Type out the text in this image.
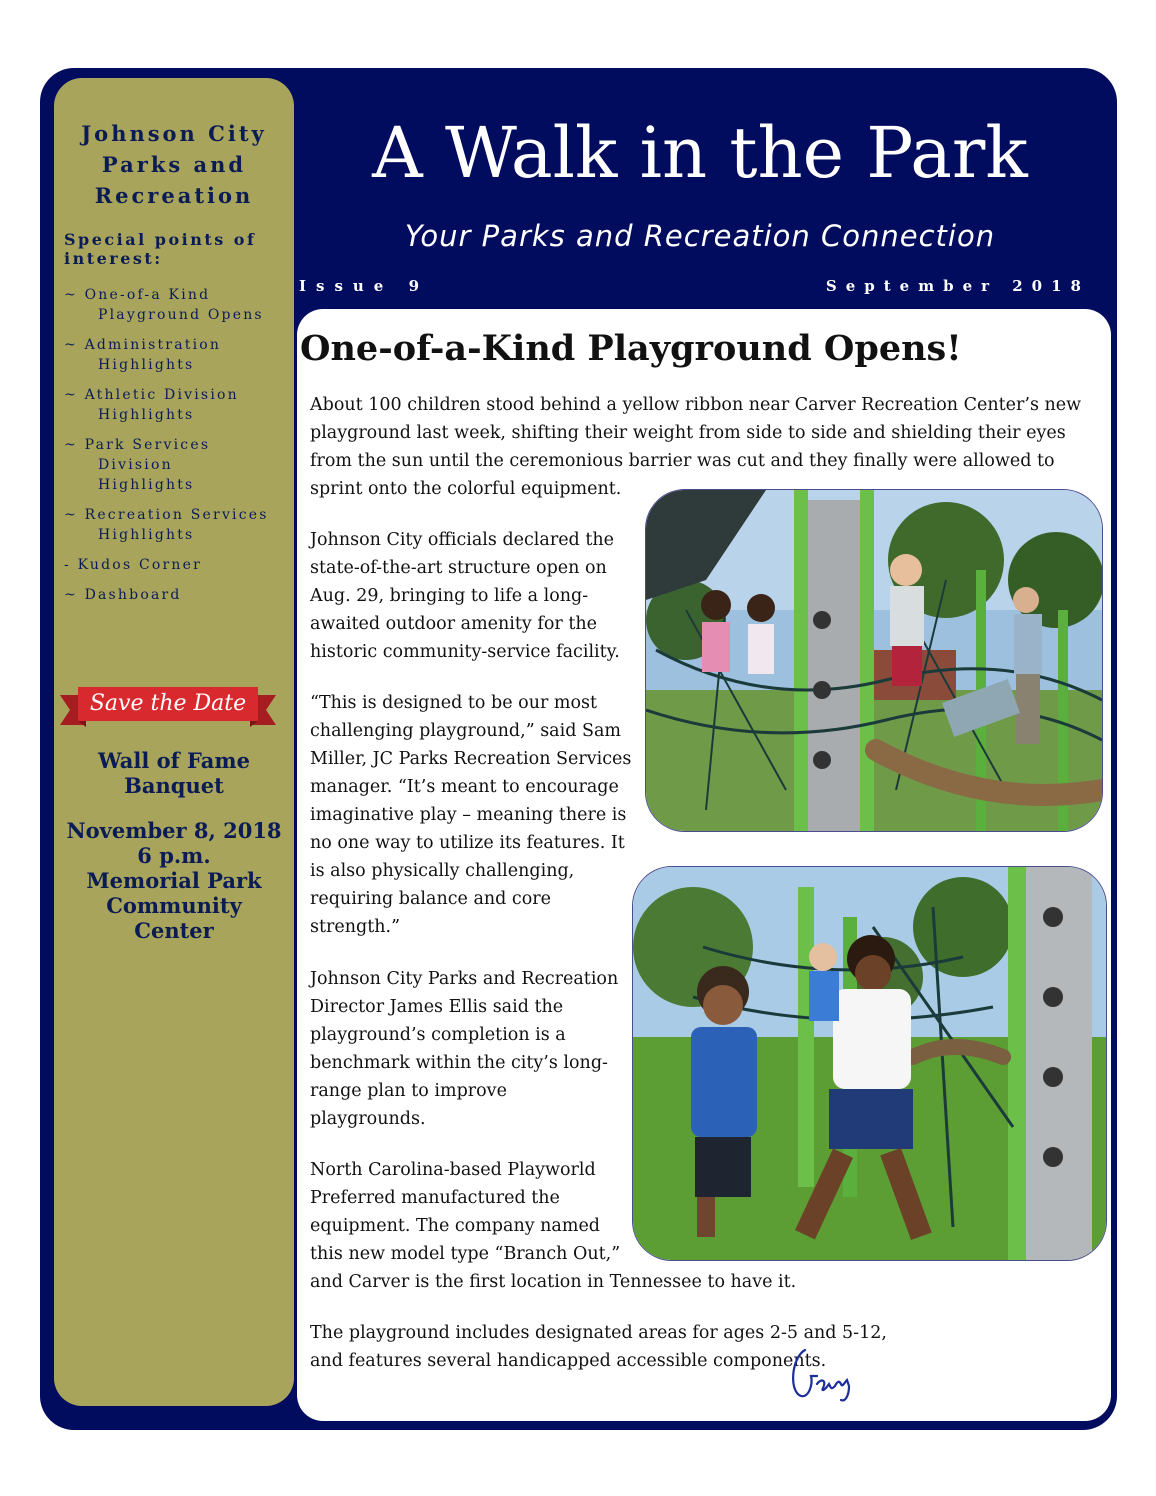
Johnson City
Parks and
Recreation
Special points of interest:
~ One-of-a Kind
Playground Opens
~ Administration
Highlights
~ Athletic Division
Highlights
~ Park Services
Division
Highlights
~ Recreation Services
Highlights
- Kudos Corner
~ Dashboard
Save the Date
Wall of Fame
Banquet
November 8, 2018
6 p.m.
Memorial Park
Community
Center
A Walk in the Park
Your Parks and Recreation Connection
Issue 9	September 2018
One-of-a-Kind Playground Opens!

About 100 children stood behind a yellow ribbon near Carver Recreation Center’s new playground last week, shifting their weight from side to side and shielding their eyes from the sun until the ceremonious barrier was cut and they finally were allowed to sprint onto the colorful equipment.

Johnson City officials declared the state-of-the-art structure open on Aug. 29, bringing to life a long-awaited outdoor amenity for the historic community-service facility.

“This is designed to be our most challenging playground,” said Sam Miller, JC Parks Recreation Services manager. “It’s meant to encourage imaginative play – meaning there is no one way to utilize its features. It is also physically challenging, requiring balance and core strength.”

Johnson City Parks and Recreation Director James Ellis said the playground’s completion is a benchmark within the city’s long-range plan to improve playgrounds.

North Carolina-based Playworld Preferred manufactured the equipment. The company named this new model type “Branch Out,”

and Carver is the first location in Tennessee to have it.

The playground includes designated areas for ages 2-5 and 5-12, and features several handicapped accessible components.
